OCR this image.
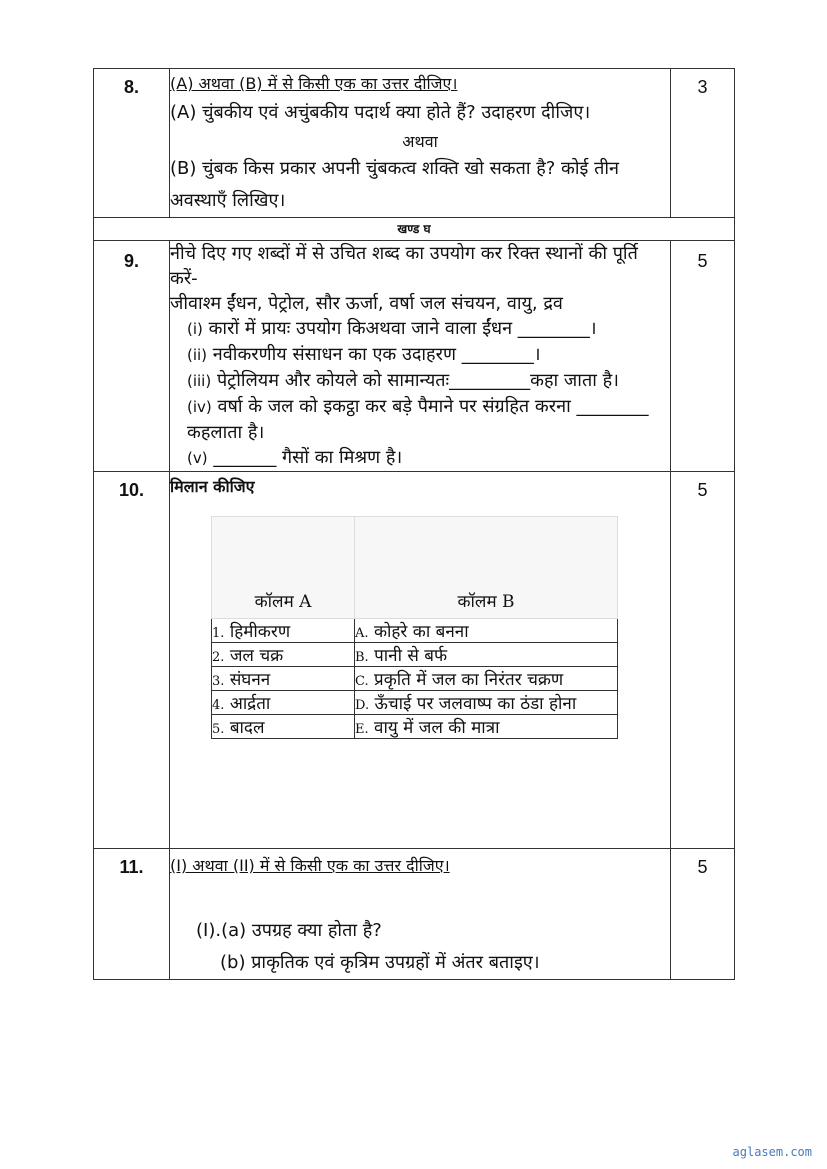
8.	(A) अथवा (B) में से किसी एक का उत्तर दीजिए।
(A) चुंबकीय एवं अचुंबकीय पदार्थ क्या होते हैं? उदाहरण दीजिए।
अथवा
(B) चुंबक किस प्रकार अपनी चुंबकत्व शक्ति खो सकता है? कोई तीन अवस्थाएँ लिखिए।

3

खण्ड घ

9.	नीचे दिए गए शब्दों में से उचित शब्द का उपयोग कर रिक्त स्थानों की पूर्ति करें-
जीवाश्म ईंधन, पेट्रोल, सौर ऊर्जा, वर्षा जल संचयन, वायु, द्रव
(i) कारों में प्रायः उपयोग किअथवा जाने वाला ईंधन ________।
(ii) नवीकरणीय संसाधन का एक उदाहरण ________।
(iii) पेट्रोलियम और कोयले को सामान्यतः_________कहा जाता है।
(iv) वर्षा के जल को इकट्ठा कर बड़े पैमाने पर संग्रहित करना ________ कहलाता है।
(v) _______ गैसों का मिश्रण है।

5

10.	मिलान कीजिए
कॉलम A	कॉलम B
1. हिमीकरण	A. कोहरे का बनना
2. जल चक्र	B. पानी से बर्फ
3. संघनन	C. प्रकृति में जल का निरंतर चक्रण
4. आर्द्रता	D. ऊँचाई पर जलवाष्प का ठंडा होना
5. बादल	E. वायु में जल की मात्रा

5

11.	(I) अथवा (II) में से किसी एक का उत्तर दीजिए।
(I).(a) उपग्रह क्या होता है?
(b) प्राकृतिक एवं कृत्रिम उपग्रहों में अंतर बताइए।

5
aglasem.com
